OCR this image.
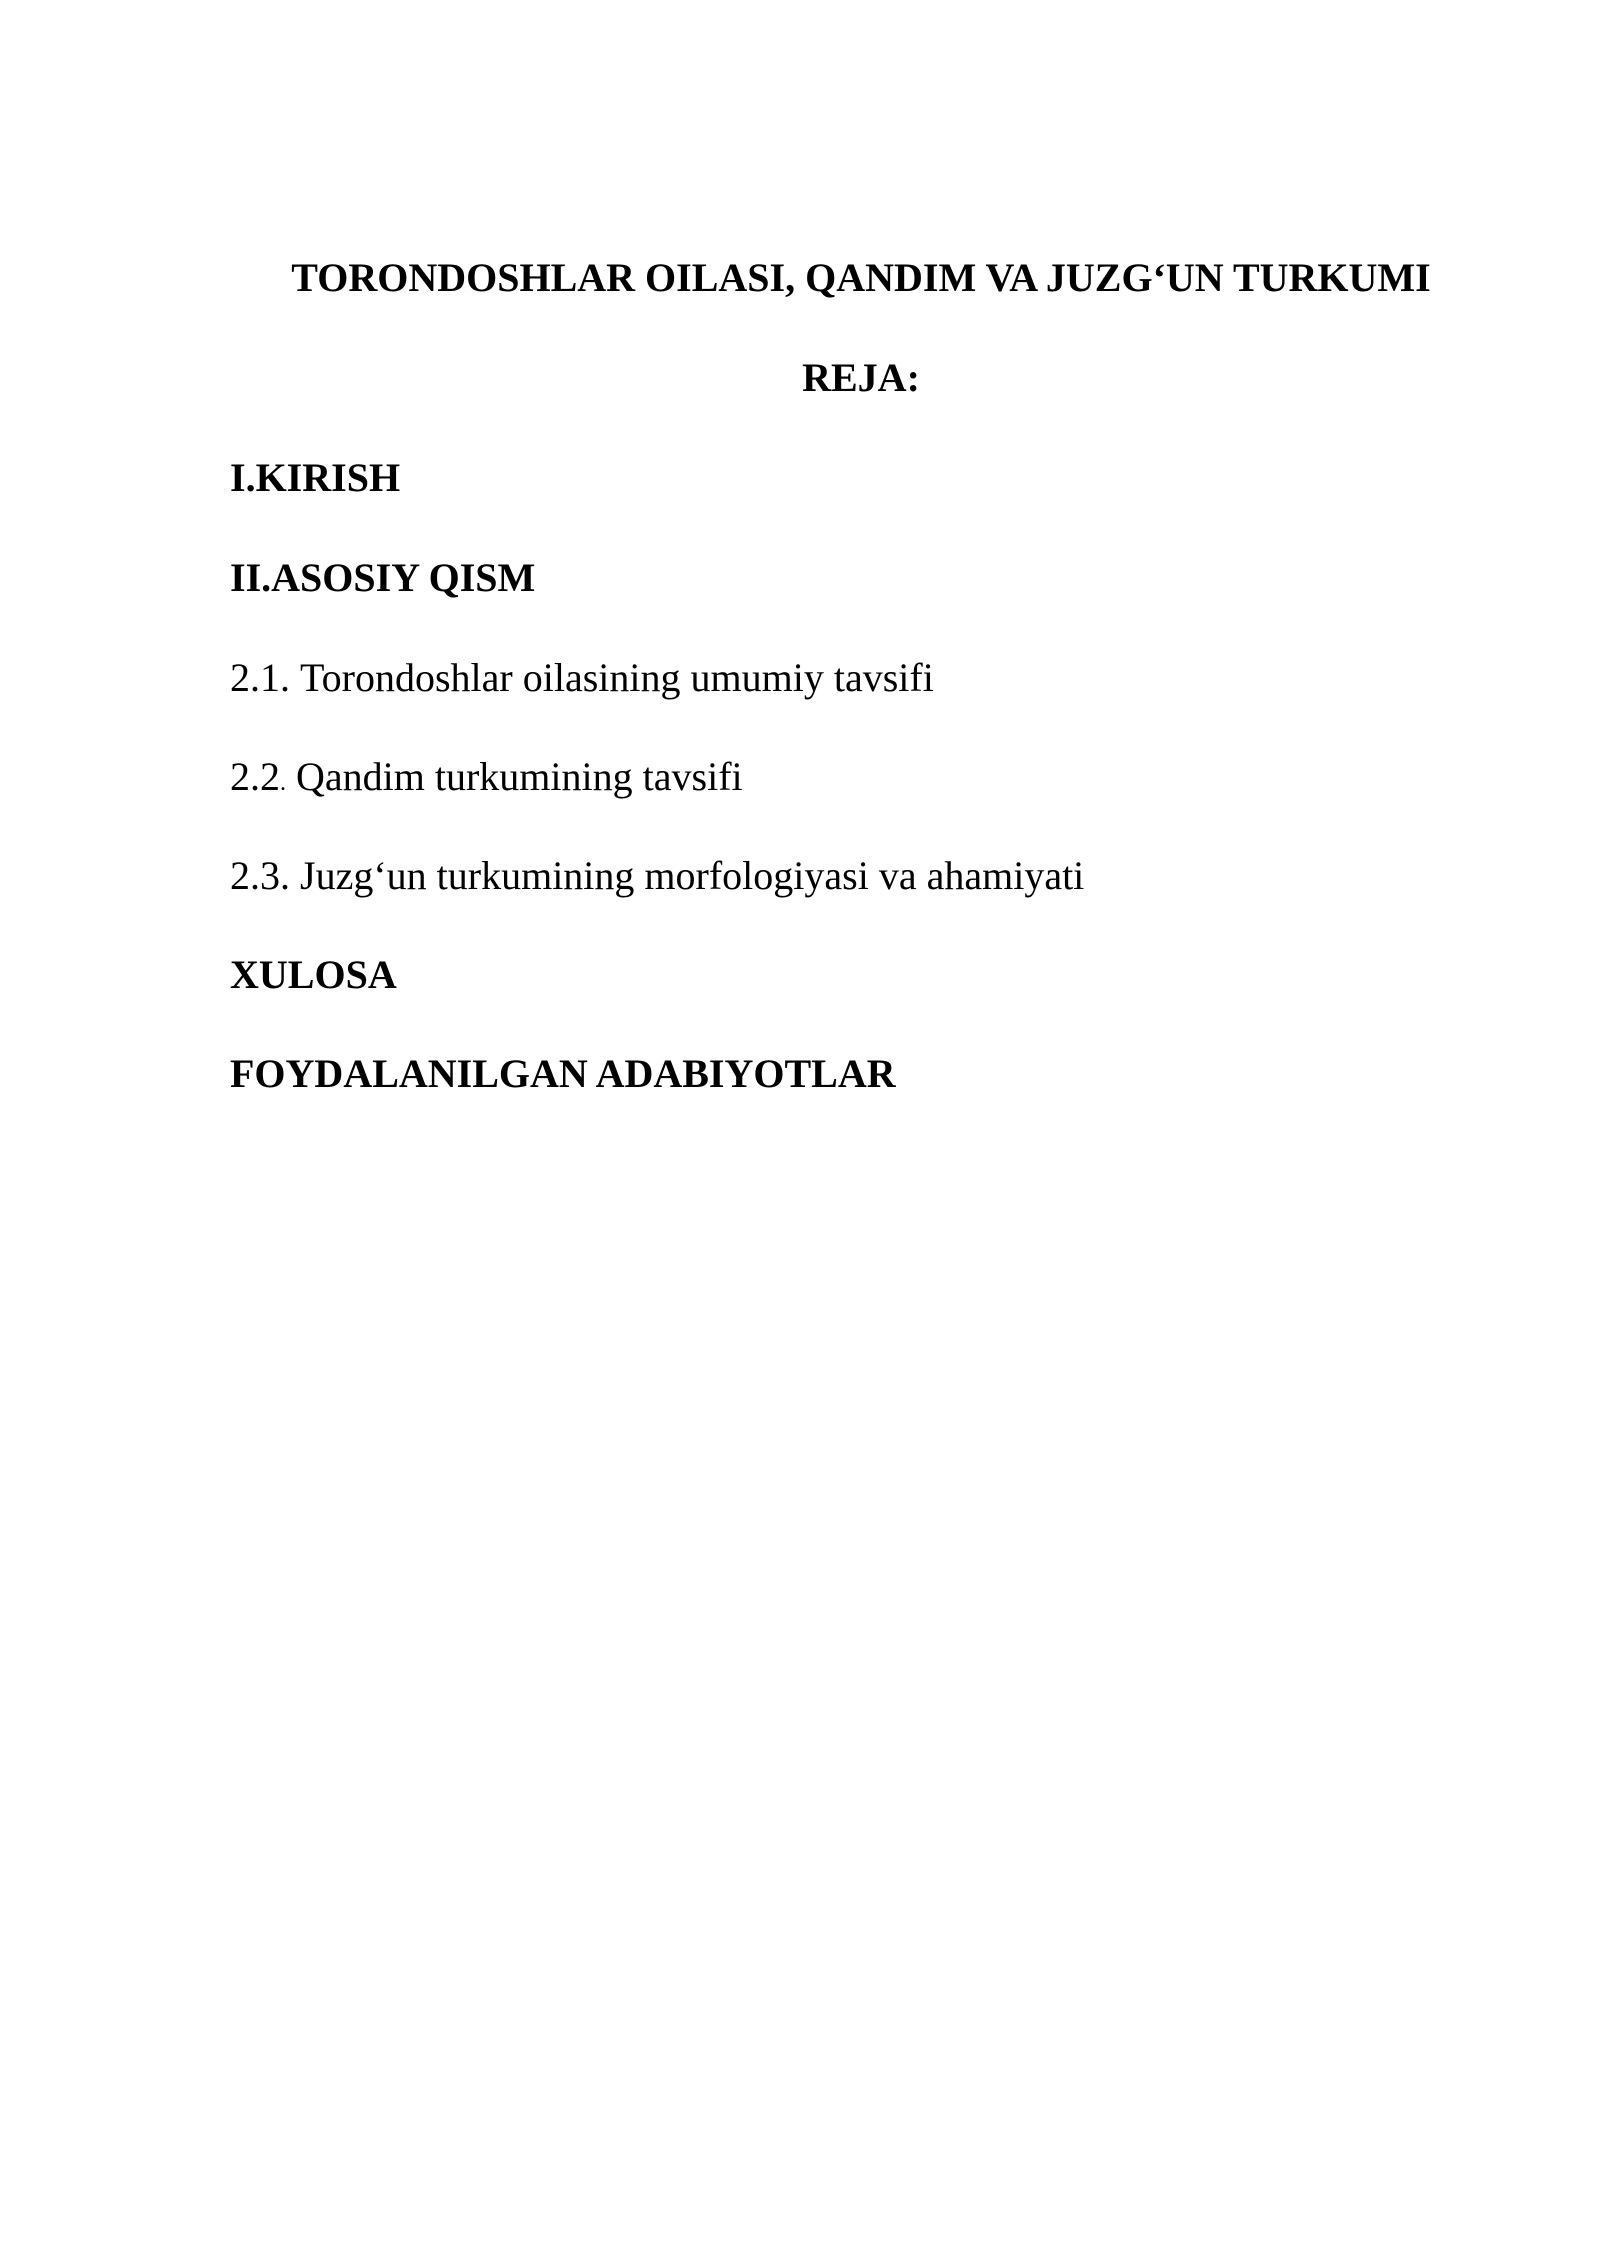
TORONDOSHLAR OILASI, QANDIM VA JUZG‘UN TURKUMI
REJA:

I.KIRISH

II.ASOSIY QISM

2.1. Torondoshlar oilasining umumiy tavsifi

2.2. Qandim turkumining tavsifi

2.3. Juzg‘un turkumining morfologiyasi va ahamiyati

XULOSA

FOYDALANILGAN ADABIYOTLAR
